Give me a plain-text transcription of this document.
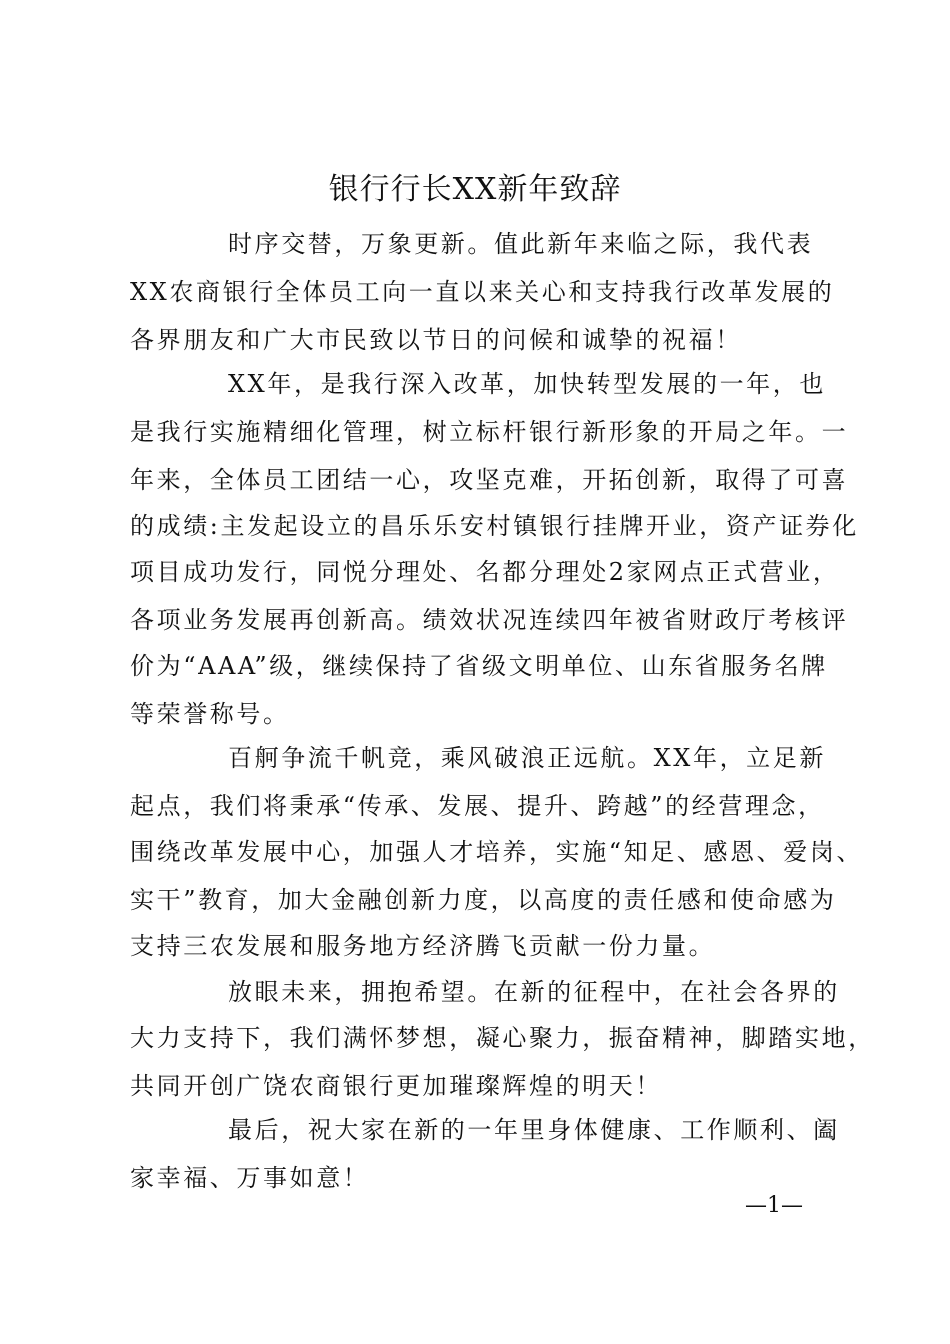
银行行长XX新年致辞

时序交替，万象更新。值此新年来临之际，我代表

XX农商银行全体员工向一直以来关心和支持我行改革发展的

各界朋友和广大市民致以节日的问候和诚挚的祝福！

XX年，是我行深入改革，加快转型发展的一年，也

是我行实施精细化管理，树立标杆银行新形象的开局之年。一

年来，全体员工团结一心，攻坚克难，开拓创新，取得了可喜

的成绩:主发起设立的昌乐乐安村镇银行挂牌开业，资产证券化

项目成功发行，同悦分理处、名都分理处2家网点正式营业，

各项业务发展再创新高。绩效状况连续四年被省财政厅考核评

价为“AAA”级，继续保持了省级文明单位、山东省服务名牌

等荣誉称号。

百舸争流千帆竞，乘风破浪正远航。XX年，立足新

起点，我们将秉承“传承、发展、提升、跨越”的经营理念，

围绕改革发展中心，加强人才培养，实施“知足、感恩、爱岗、

实干”教育，加大金融创新力度，以高度的责任感和使命感为

支持三农发展和服务地方经济腾飞贡献一份力量。

放眼未来，拥抱希望。在新的征程中，在社会各界的

大力支持下，我们满怀梦想，凝心聚力，振奋精神，脚踏实地，

共同开创广饶农商银行更加璀璨辉煌的明天！

最后，祝大家在新的一年里身体健康、工作顺利、阖

家幸福、万事如意！

—1—
